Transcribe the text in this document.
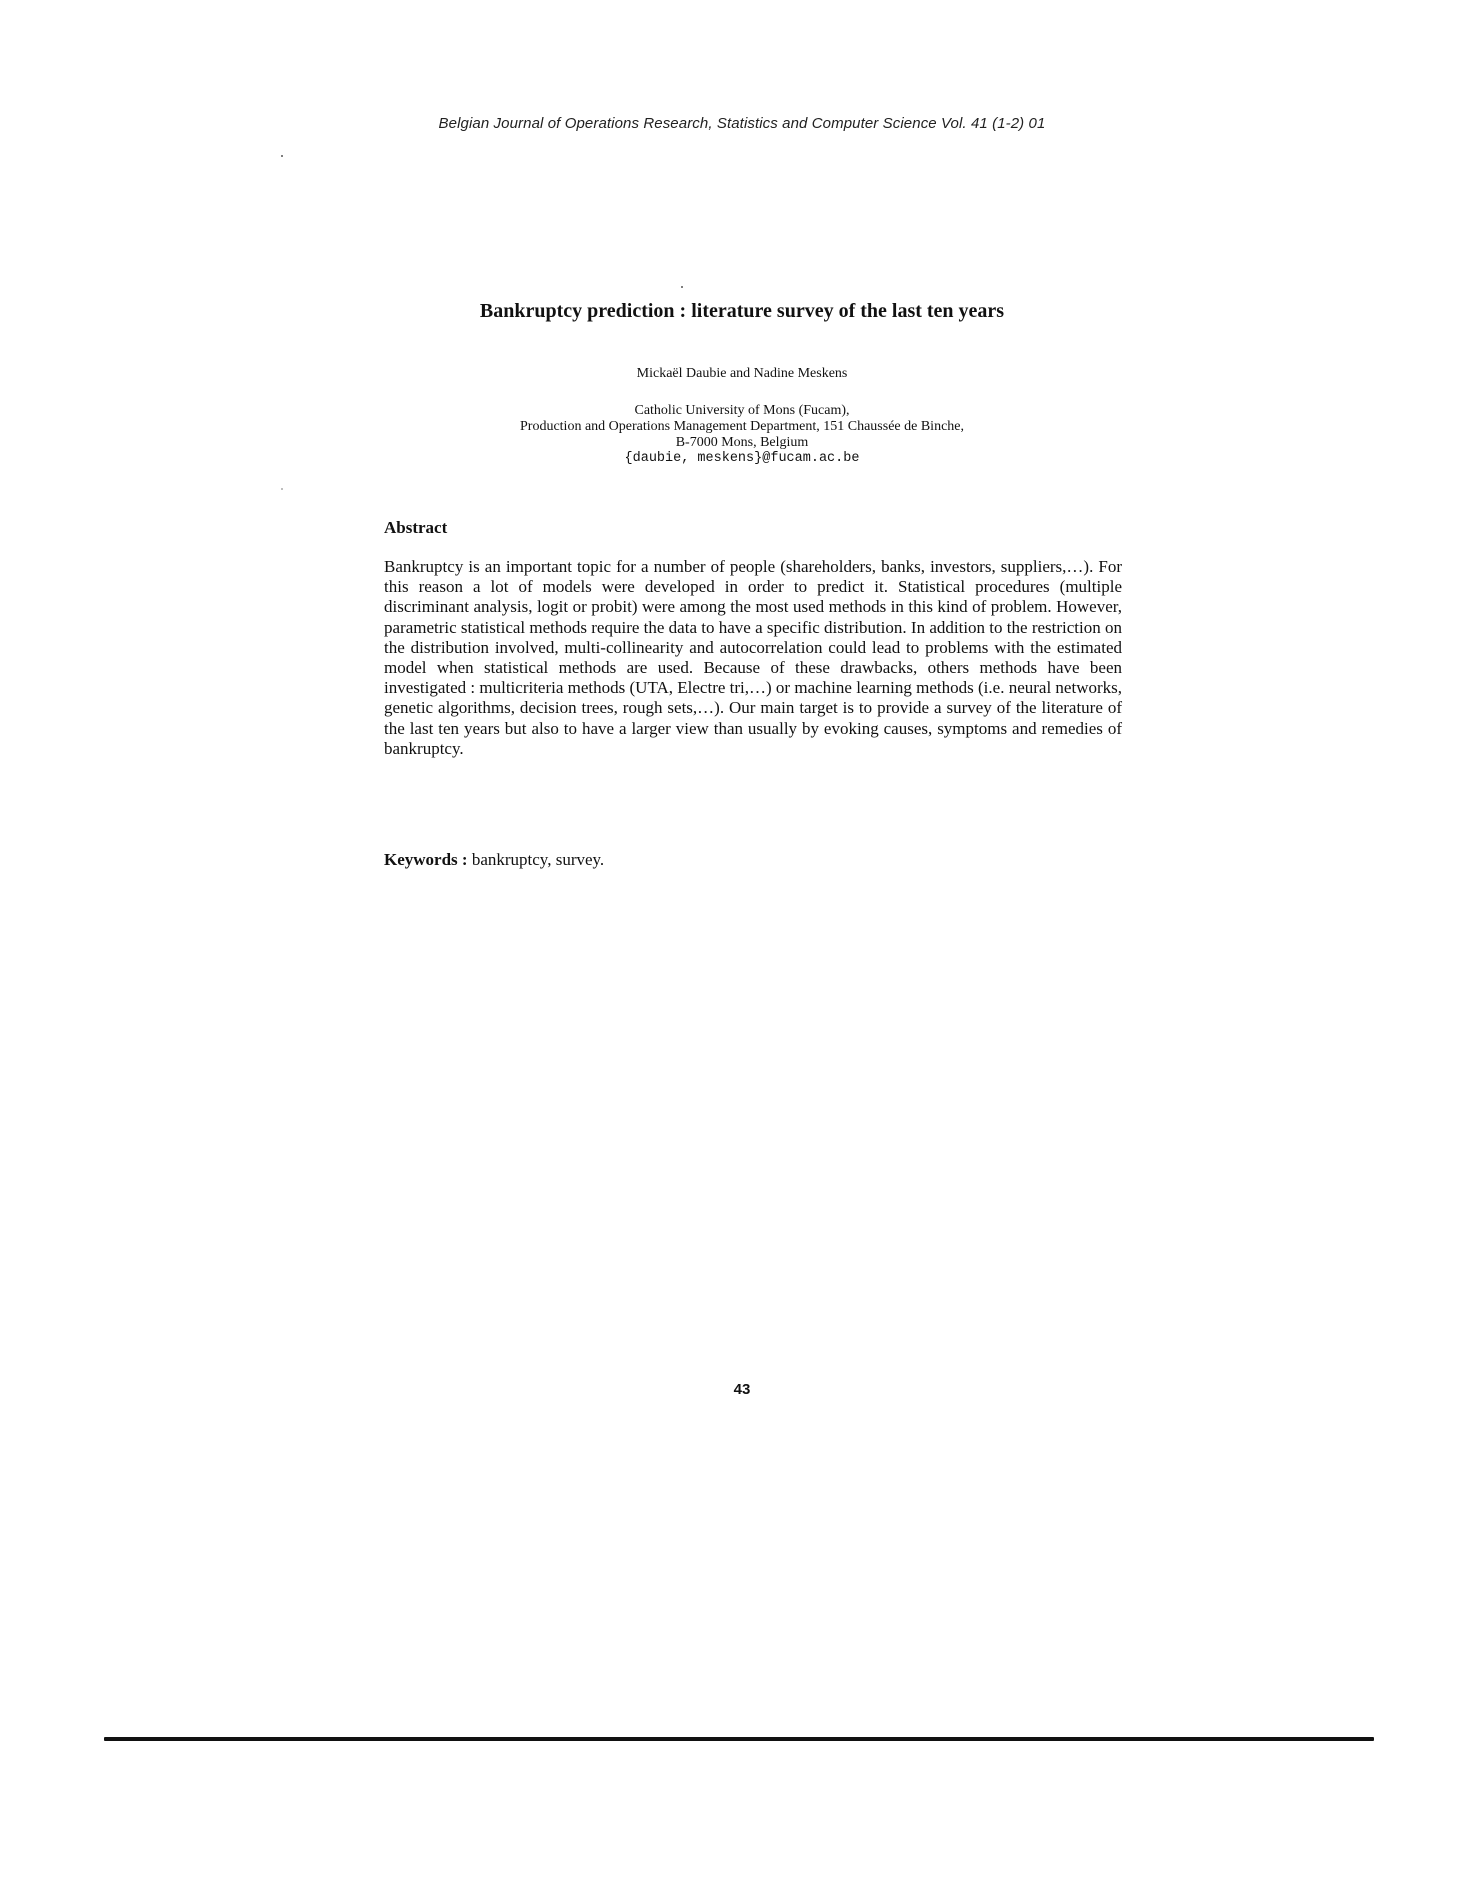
Belgian Journal of Operations Research, Statistics and Computer Science Vol. 41 (1-2) 01
Bankruptcy prediction : literature survey of the last ten years
Mickaël Daubie and Nadine Meskens
Catholic University of Mons (Fucam),
Production and Operations Management Department, 151 Chaussée de Binche,
B-7000 Mons, Belgium
{daubie, meskens}@fucam.ac.be
Abstract
Bankruptcy is an important topic for a number of people (shareholders, banks, investors, suppliers,…). For this reason a lot of models were developed in order to predict it. Statistical procedures (multiple discriminant analysis, logit or probit) were among the most used methods in this kind of problem. However, parametric statistical methods require the data to have a specific distribution. In addition to the restriction on the distribution involved, multi-collinearity and autocorrelation could lead to problems with the estimated model when statistical methods are used. Because of these drawbacks, others methods have been investigated : multicriteria methods (UTA, Electre tri,…) or machine learning methods (i.e. neural networks, genetic algorithms, decision trees, rough sets,…). Our main target is to provide a survey of the literature of the last ten years but also to have a larger view than usually by evoking causes, symptoms and remedies of bankruptcy.
Keywords : bankruptcy, survey.
43
